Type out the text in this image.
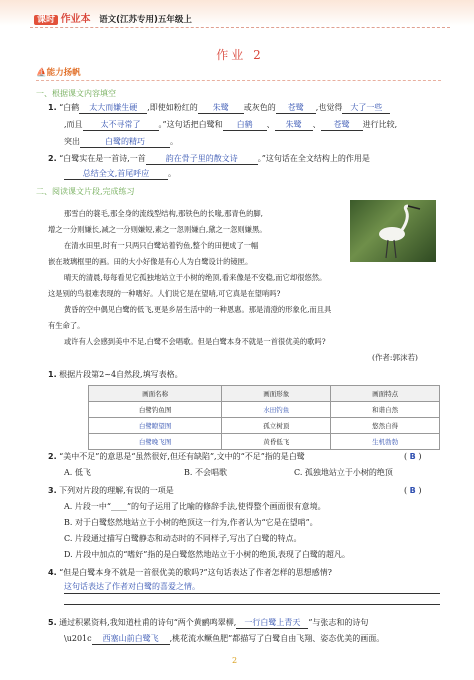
课时 作业本 语文(江苏专用)五年级上
作业 2
⛵能力扬帆
一、根据课文内容填空
1. “白鹤 太大而嫌生硬 ,即使如粉红的 朱鹭 或灰色的 苍鹭 ,也觉得 大了一些
,而且 太不寻常了 。”这句话把白鹭和 白鹤 、 朱鹭 、 苍鹭 进行比较,
突出	白鹭的精巧	。
2. “白鹭实在是一首诗,一首	韵在骨子里的散文诗	。”这句话在全文结构上的作用是
总结全文,首尾呼应 。
二、阅读课文片段,完成练习
那雪白的蓑毛,那全身的流线型结构,那铁色的长喙,那青色的脚,
增之一分则嫌长,减之一分则嫌短,素之一忽则嫌白,黛之一忽则嫌黑。
在清水田里,时有一只两只白鹭站着钓鱼,整个的田便成了一幅
嵌在玻璃框里的画。田的大小好像是有心人为白鹭设计的镜匣。
晴天的清晨,每每看见它孤独地站立于小树的绝顶,看来像是不安稳,而它却很悠然。
这是别的鸟很难表现的一种嗜好。人们说它是在望哨,可它真是在望哨吗?
黄昏的空中偶见白鹭的低飞,更是乡居生活中的一种恩惠。那是清澄的形象化,而且具
有生命了。
或许有人会感到美中不足,白鹭不会唱歌。但是白鹭本身不就是一首很优美的歌吗?
(作者:郭沫若)
1. 根据片段第2~4自然段,填写表格。
画面名称	画面形象	画面特点
白鹭钓鱼图	水田钓鱼	和谐自然
白鹭瞭望图	孤立树顶	悠然自得
白鹭晚飞图	黄昏低飞	生机勃勃
2. “美中不足”的意思是“虽然很好,但还有缺陷”,文中的“不足”指的是白鹭	( B )
A. 低飞	B. 不会唱歌	C. 孤独地站立于小树的绝顶
3. 下列对片段的理解,有误的一项是	( B )
A. 片段一中“____”的句子运用了比喻的修辞手法,使得整个画面很有意境。
B. 对于白鹭悠然地站立于小树的绝顶这一行为,作者认为“它是在望哨”。
C. 片段通过描写白鹭静态和动态时的不同样子,写出了白鹭的特点。
D. 片段中加点的“嗜好”指的是白鹭悠然地站立于小树的绝顶,表现了白鹭的超凡。
4. “但是白鹭本身不就是一首很优美的歌吗?”这句话表达了作者怎样的思想感情?
这句话表达了作者对白鹭的喜爱之情。
5. 通过积累资料,我知道杜甫的诗句“两个黄鹂鸣翠柳, 一行白鹭上青天 ”与张志和的诗句
\u201c 西塞山前白鹭飞 ,桃花流水鳜鱼肥”都描写了白鹭自由飞翔、姿态优美的画面。
2
